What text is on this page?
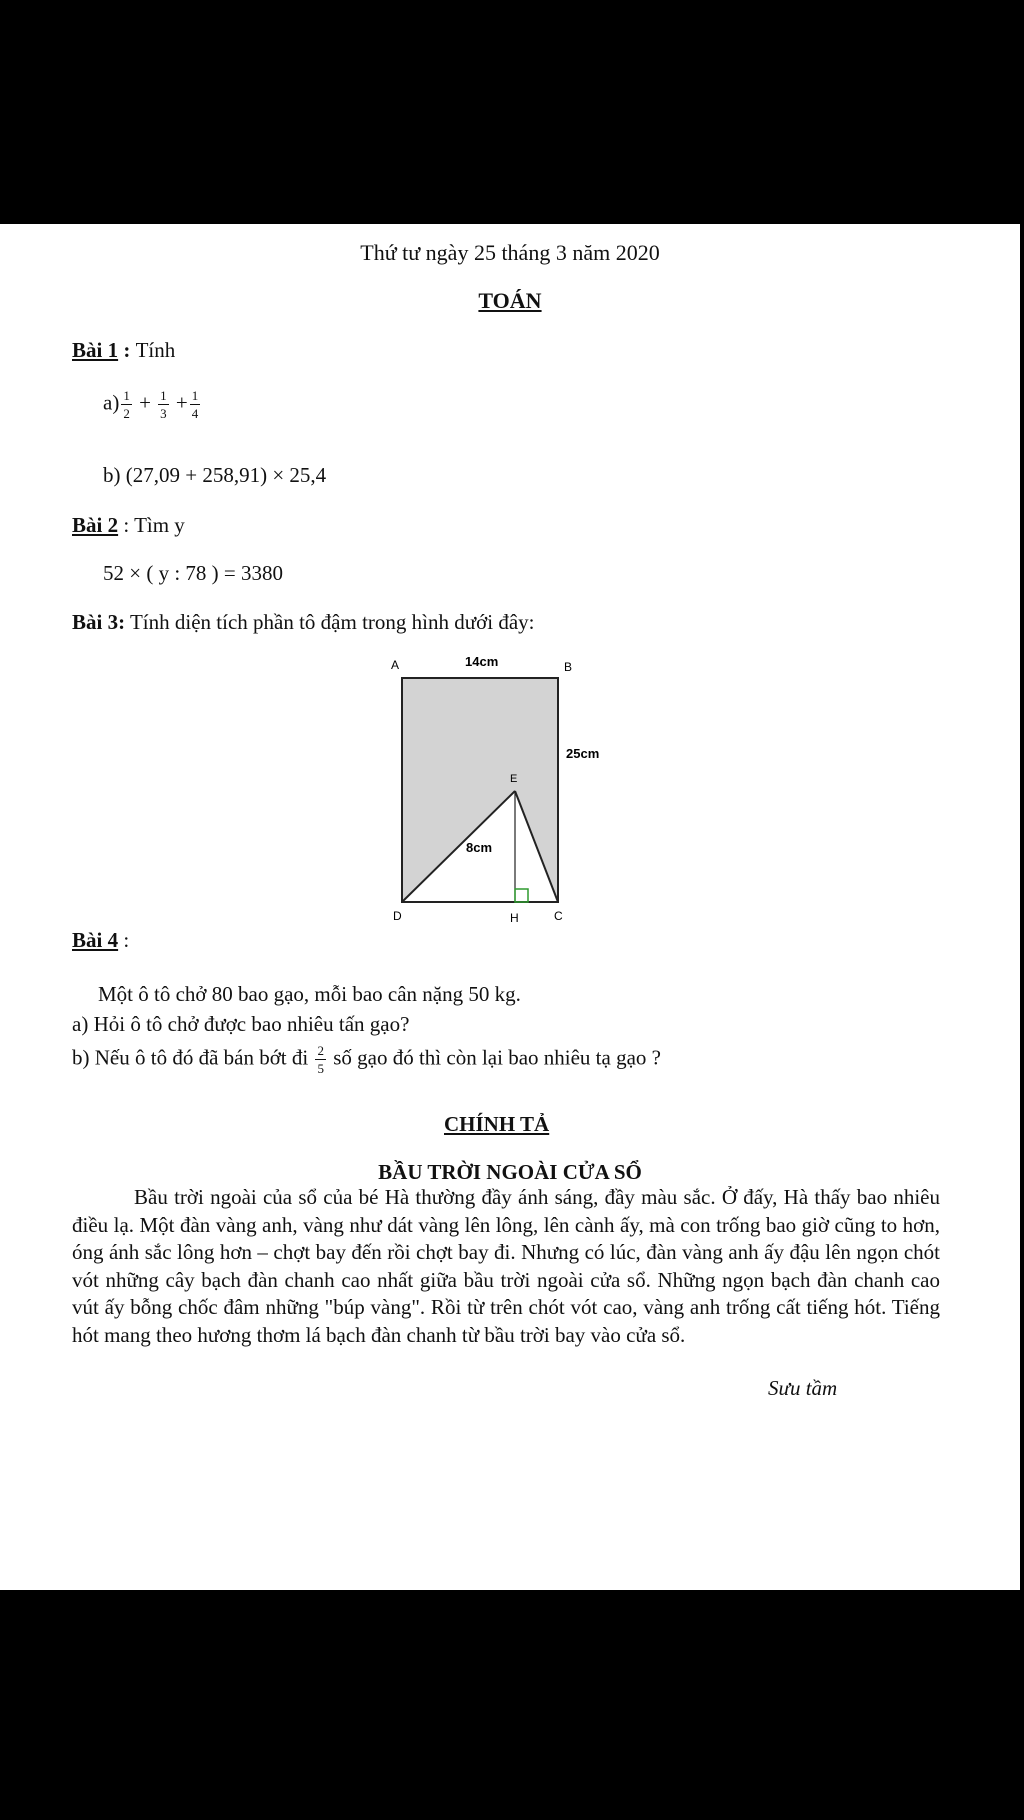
Thứ tư ngày 25 tháng 3 năm 2020
TOÁN
Bài 1 : Tính
$a) \frac{1}{2} + \frac{1}{3} + \frac{1}{4}$
b) (27,09 + 258,91) × 25,4
Bài 2 : Tìm y
52 × ( y : 78 ) = 3380
Bài 3: Tính diện tích phần tô đậm trong hình dưới đây:
A	B
C
D
E
H
14cm
25cm
8cm
Bài 4 :
Một ô tô chở 80 bao gạo, mỗi bao cân nặng 50 kg.
a) Hỏi ô tô chở được bao nhiêu tấn gạo?
b) Nếu ô tô đó đã bán bớt đi $\frac{2}{5}$ số gạo đó thì còn lại bao nhiêu tạ gạo ?
CHÍNH TẢ
BẦU TRỜI NGOÀI CỬA SỔ
Bầu trời ngoài của sổ của bé Hà thường đầy ánh sáng, đầy màu sắc. Ở đấy, Hà thấy bao nhiêu điều lạ. Một đàn vàng anh, vàng như dát vàng lên lông, lên cành ấy, mà con trống bao giờ cũng to hơn, óng ánh sắc lông hơn – chợt bay đến rồi chợt bay đi. Nhưng có lúc, đàn vàng anh ấy đậu lên ngọn chót vót những cây bạch đàn chanh cao nhất giữa bầu trời ngoài cửa sổ. Những ngọn bạch đàn chanh cao vút ấy bỗng chốc đâm những "búp vàng". Rồi từ trên chót vót cao, vàng anh trống cất tiếng hót. Tiếng hót mang theo hương thơm lá bạch đàn chanh từ bầu trời bay vào cửa sổ.
Sưu tầm
